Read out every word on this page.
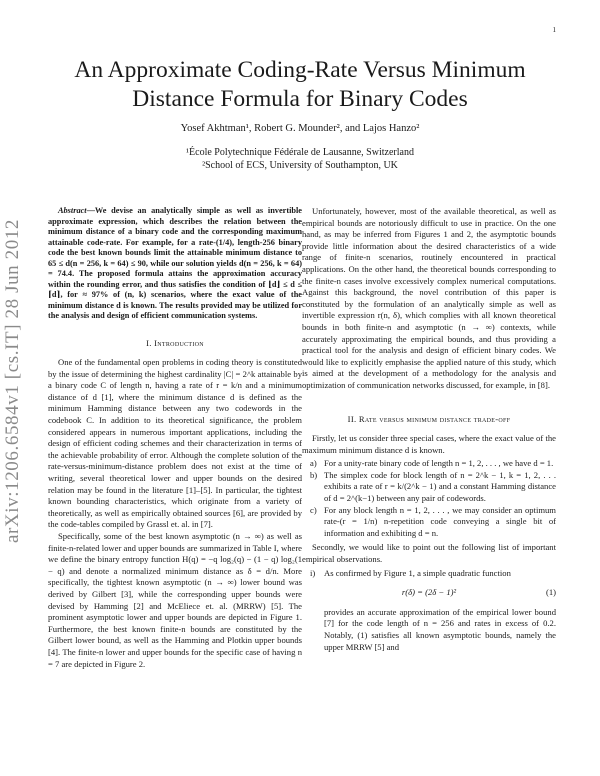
1
arXiv:1206.6584v1 [cs.IT] 28 Jun 2012
An Approximate Coding-Rate Versus Minimum Distance Formula for Binary Codes
Yosef Akhtman¹, Robert G. Mounder², and Lajos Hanzo²
¹École Polytechnique Fédérale de Lausanne, Switzerland
²School of ECS, University of Southampton, UK
Abstract—We devise an analytically simple as well as invertible approximate expression, which describes the relation between the minimum distance of a binary code and the corresponding maximum attainable code-rate. For example, for a rate-(1/4), length-256 binary code the best known bounds limit the attainable minimum distance to 65 ≤ d(n = 256, k = 64) ≤ 90, while our solution yields d(n = 256, k = 64) = 74.4. The proposed formula attains the approximation accuracy within the rounding error, and thus satisfies the condition of ⌊d⌋ ≤ d ≤ ⌈d⌉, for ≈ 97% of (n, k) scenarios, where the exact value of the minimum distance d is known. The results provided may be utilized for the analysis and design of efficient communication systems.
I. Introduction

One of the fundamental open problems in coding theory is constituted by the issue of determining the highest cardinality |C| = 2^k attainable by a binary code C of length n, having a rate of r = k/n and a minimum distance of d [1], where the minimum distance d is defined as the minimum Hamming distance between any two codewords in the codebook C. In addition to its theoretical significance, the problem considered appears in numerous important applications, including the design of efficient coding schemes and their characterization in terms of the achievable probability of error. Although the complete solution of the rate-versus-minimum-distance problem does not exist at the time of writing, several theoretical lower and upper bounds on the desired relation may be found in the literature [1]–[5]. In particular, the tightest known bounding characteristics, which originate from a variety of theoretically, as well as empirically obtained sources [6], are provided by the code-tables compiled by Grassl et. al. in [7].

Specifically, some of the best known asymptotic (n → ∞) as well as finite-n-related lower and upper bounds are summarized in Table I, where we define the binary entropy function H(q) = −q log₂(q) − (1 − q) log₂(1 − q) and denote a normalized minimum distance as δ = d/n. More specifically, the tightest known asymptotic (n → ∞) lower bound was derived by Gilbert [3], while the corresponding upper bounds were devised by Hamming [2] and McEliece et. al. (MRRW) [5]. The prominent asymptotic lower and upper bounds are depicted in Figure 1. Furthermore, the best known finite-n bounds are constituted by the Gilbert lower bound, as well as the Hamming and Plotkin upper bounds [4]. The finite-n lower and upper bounds for the specific case of having n = 7 are depicted in Figure 2.

Unfortunately, however, most of the available theoretical, as well as empirical bounds are notoriously difficult to use in practice. On the one hand, as may be inferred from Figures 1 and 2, the asymptotic bounds provide little information about the desired characteristics of a wide range of finite-n scenarios, routinely encountered in practical applications. On the other hand, the theoretical bounds corresponding to the finite-n cases involve excessively complex numerical computations. Against this background, the novel contribution of this paper is constituted by the formulation of an analytically simple as well as invertible expression r(n, δ), which complies with all known theoretical bounds in both finite-n and asymptotic (n → ∞) contexts, while accurately approximating the empirical bounds, and thus providing a practical tool for the analysis and design of efficient binary codes. We would like to explicitly emphasise the applied nature of this study, which is aimed at the development of a methodology for the analysis and optimization of communication networks discussed, for example, in [8].

II. Rate versus minimum distance trade-off

Firstly, let us consider three special cases, where the exact value of the maximum minimum distance d is known.

a) For a unity-rate binary code of length n = 1, 2, . . . , we have d = 1.
b) The simplex code for block length of n = 2^k − 1, k = 1, 2, . . . exhibits a rate of r = k/(2^k − 1) and a constant Hamming distance of d = 2^(k−1) between any pair of codewords.
c) For any block length n = 1, 2, . . . , we may consider an optimum rate-(r = 1/n) n-repetition code conveying a single bit of information and exhibiting d = n.

Secondly, we would like to point out the following list of important empirical observations.

i) As confirmed by Figure 1, a simple quadratic function
r(δ) = (2δ − 1)²	(1)

provides an accurate approximation of the empirical lower bound [7] for the code length of n = 256 and rates in excess of 0.2. Notably, (1) satisfies all known asymptotic bounds, namely the upper MRRW [5] and
